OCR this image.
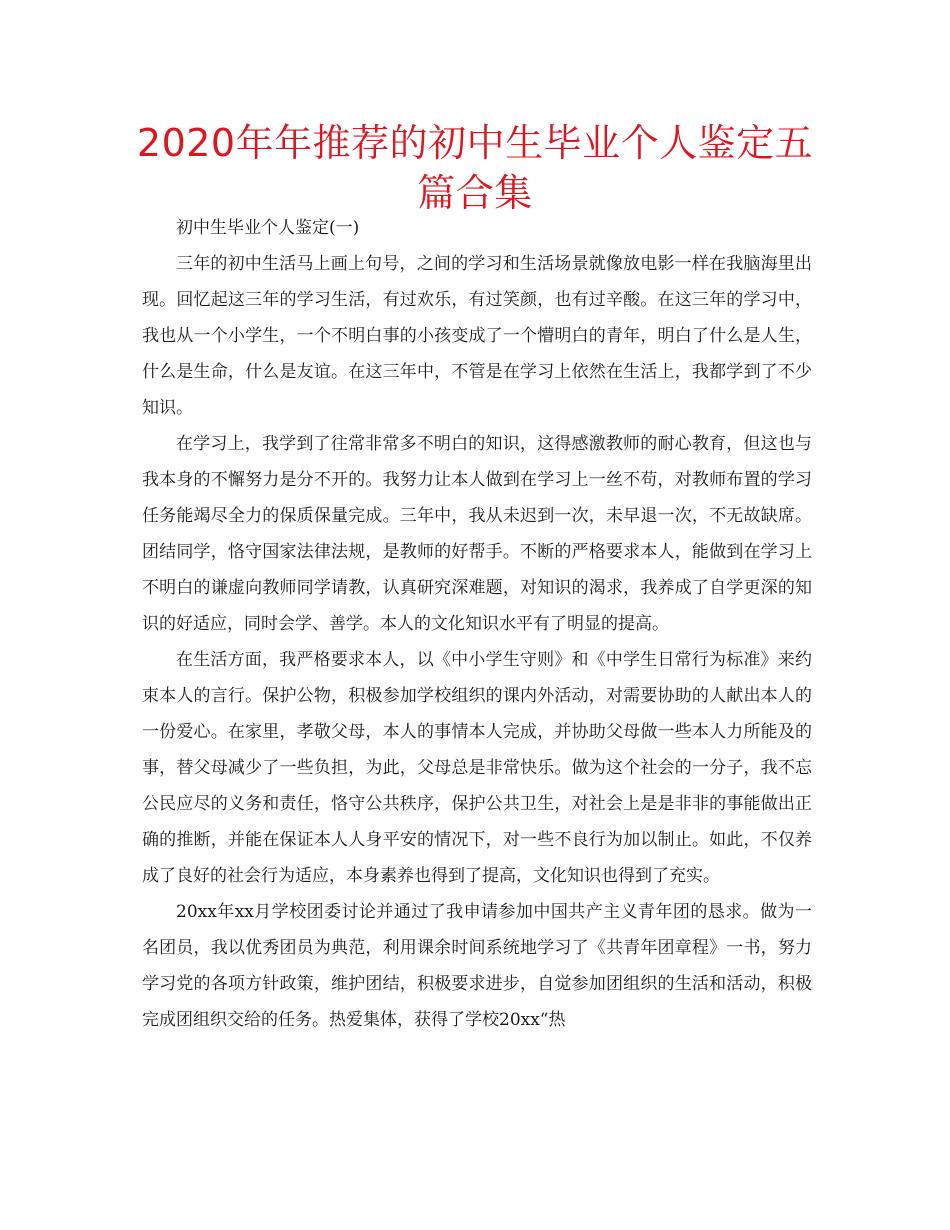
2020年年推荐的初中生毕业个人鉴定五篇合集

初中生毕业个人鉴定(一)

三年的初中生活马上画上句号，之间的学习和生活场景就像放电影一样在我脑海里出现。回忆起这三年的学习生活，有过欢乐，有过笑颜，也有过辛酸。在这三年的学习中，我也从一个小学生，一个不明白事的小孩变成了一个懵明白的青年，明白了什么是人生，什么是生命，什么是友谊。在这三年中，不管是在学习上依然在生活上，我都学到了不少知识。

在学习上，我学到了往常非常多不明白的知识，这得感激教师的耐心教育，但这也与我本身的不懈努力是分不开的。我努力让本人做到在学习上一丝不苟，对教师布置的学习任务能竭尽全力的保质保量完成。三年中，我从未迟到一次，未早退一次，不无故缺席。团结同学，恪守国家法律法规，是教师的好帮手。不断的严格要求本人，能做到在学习上不明白的谦虚向教师同学请教，认真研究深难题，对知识的渴求，我养成了自学更深的知识的好适应，同时会学、善学。本人的文化知识水平有了明显的提高。

在生活方面，我严格要求本人，以《中小学生守则》和《中学生日常行为标准》来约束本人的言行。保护公物，积极参加学校组织的课内外活动，对需要协助的人献出本人的一份爱心。在家里，孝敬父母，本人的事情本人完成，并协助父母做一些本人力所能及的事，替父母减少了一些负担，为此，父母总是非常快乐。做为这个社会的一分子，我不忘公民应尽的义务和责任，恪守公共秩序，保护公共卫生，对社会上是是非非的事能做出正确的推断，并能在保证本人人身平安的情况下，对一些不良行为加以制止。如此，不仅养成了良好的社会行为适应，本身素养也得到了提高，文化知识也得到了充实。

20xx年xx月学校团委讨论并通过了我申请参加中国共产主义青年团的恳求。做为一名团员，我以优秀团员为典范，利用课余时间系统地学习了《共青年团章程》一书，努力学习党的各项方针政策，维护团结，积极要求进步，自觉参加团组织的生活和活动，积极完成团组织交给的任务。热爱集体，获得了学校20xx“热
